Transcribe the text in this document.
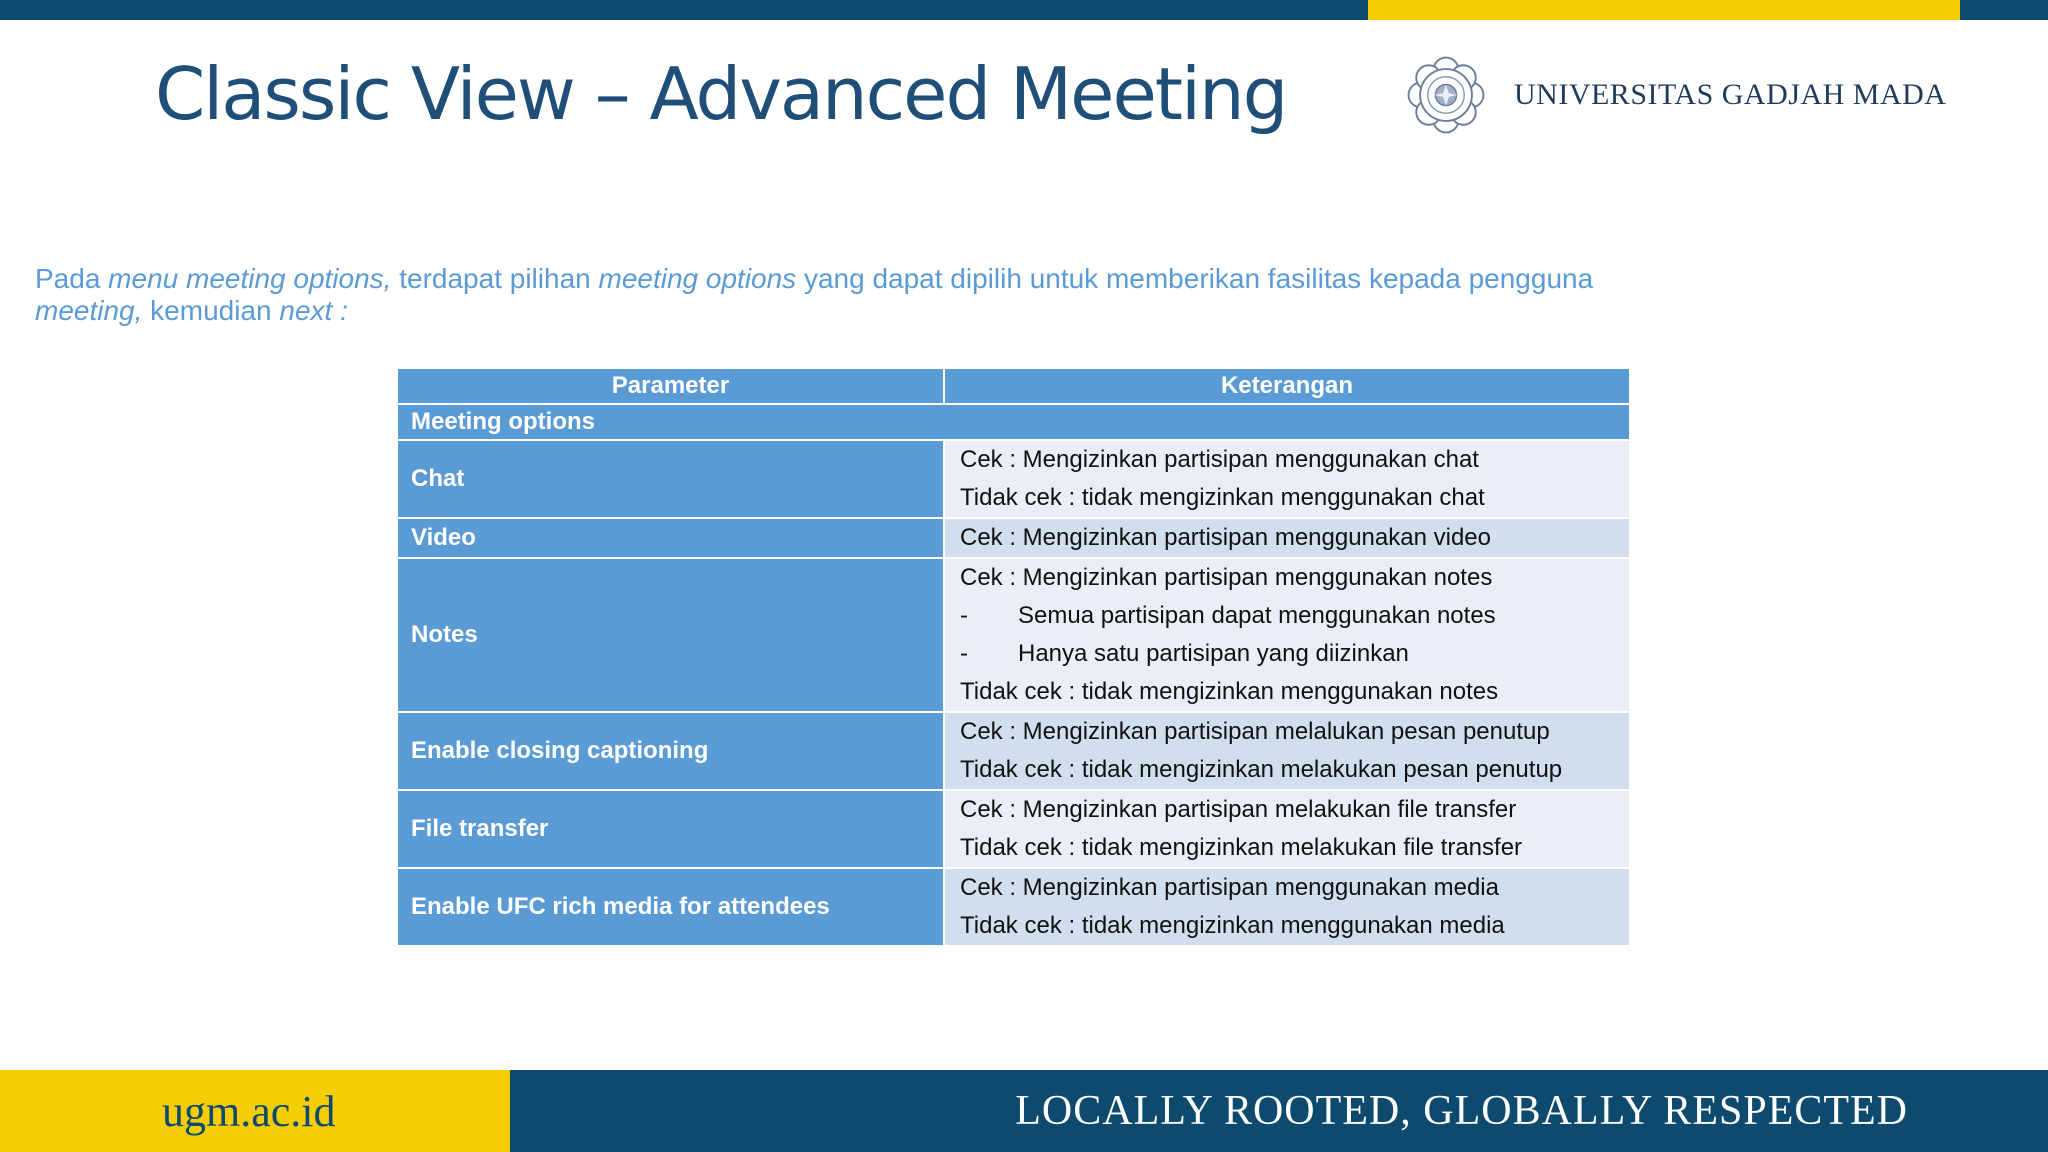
Classic View – Advanced Meeting	UNIVERSITAS GADJAH MADA

Pada menu meeting options, terdapat pilihan meeting options yang dapat dipilih untuk memberikan fasilitas kepada pengguna meeting, kemudian next :

Parameter	Keterangan
Meeting options	
Chat	Cek : Mengizinkan partisipan menggunakan chat
Tidak cek : tidak mengizinkan menggunakan chat

Video	Cek : Mengizinkan partisipan menggunakan video

Notes	Cek : Mengizinkan partisipan menggunakan notes
- Semua partisipan dapat menggunakan notes
- Hanya satu partisipan yang diizinkan
Tidak cek : tidak mengizinkan menggunakan notes

Enable closing captioning	Cek : Mengizinkan partisipan melalukan pesan penutup
Tidak cek : tidak mengizinkan melakukan pesan penutup

File transfer	Cek : Mengizinkan partisipan melakukan file transfer
Tidak cek : tidak mengizinkan melakukan file transfer

Enable UFC rich media for attendees	Cek : Mengizinkan partisipan menggunakan media
Tidak cek : tidak mengizinkan menggunakan media
ugm.ac.id	LOCALLY ROOTED, GLOBALLY RESPECTED
